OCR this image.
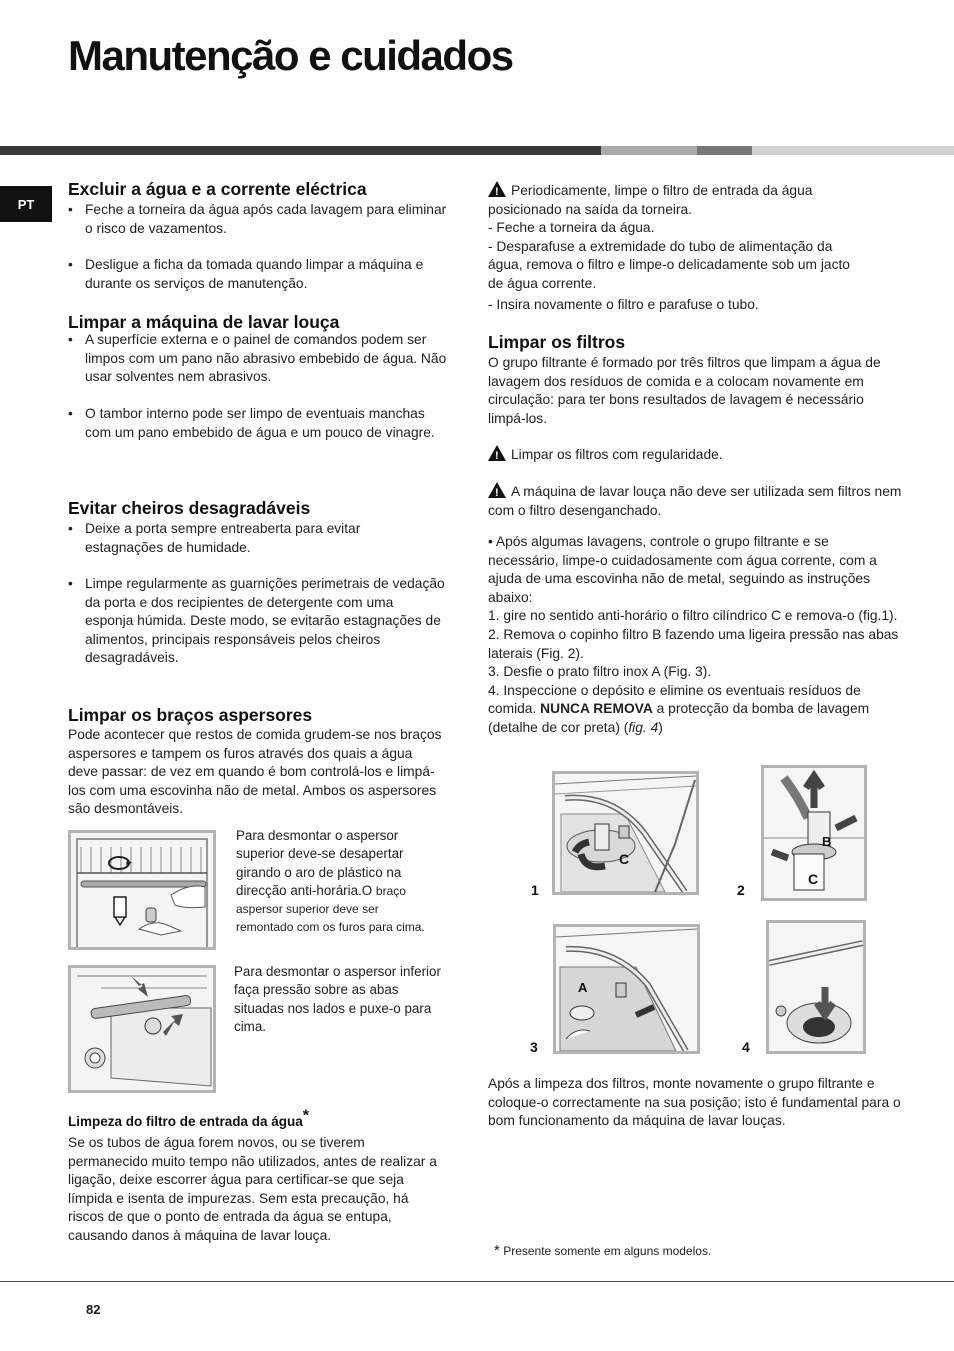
Manutenção e cuidados
PT
Excluir a água e a corrente eléctrica

• Feche a torneira da água após cada lavagem para eliminar o risco de vazamentos.

• Desligue a ficha da tomada quando limpar a máquina e durante os serviços de manutenção.

Limpar a máquina de lavar louça

• A superfície externa e o painel de comandos podem ser limpos com um pano não abrasivo embebido de água. Não usar solventes nem abrasivos.

• O tambor interno pode ser limpo de eventuais manchas com um pano embebido de água e um pouco de vinagre.

Evitar cheiros desagradáveis

• Deixe a porta sempre entreaberta para evitar estagnações de humidade.

• Limpe regularmente as guarnições perimetrais de vedação da porta e dos recipientes de detergente com uma esponja húmida. Deste modo, se evitarão estagnações de alimentos, principais responsáveis pelos cheiros desagradáveis.

Limpar os braços aspersores

Pode acontecer que restos de comida grudem-se nos braços aspersores e tampem os furos através dos quais a água deve passar: de vez em quando é bom controlá-los e limpá-los com uma escovinha não de metal. Ambos os aspersores são desmontáveis.

Para desmontar o aspersor superior deve-se desapertar girando o aro de plástico na direcção anti-horária.O braço aspersor superior deve ser remontado com os furos para cima.

Para desmontar o aspersor inferior faça pressão sobre as abas situadas nos lados e puxe-o para cima.

Limpeza do filtro de entrada da água*

Se os tubos de água forem novos, ou se tiverem permanecido muito tempo não utilizados, antes de realizar a ligação, deixe escorrer água para certificar-se que seja límpida e isenta de impurezas. Sem esta precaução, há riscos de que o ponto de entrada da água se entupa, causando danos à máquina de lavar louça.

!Periodicamente, limpe o filtro de entrada da água posicionado na saída da torneira.
- Feche a torneira da água.
- Desparafuse a extremidade do tubo de alimentação da água, remova o filtro e limpe-o delicadamente sob um jacto de água corrente.

- Insira novamente o filtro e parafuse o tubo.

Limpar os filtros

O grupo filtrante é formado por três filtros que limpam a água de lavagem dos resíduos de comida e a colocam novamente em circulação: para ter bons resultados de lavagem é necessário limpá-los.

!Limpar os filtros com regularidade.

!A máquina de lavar louça não deve ser utilizada sem filtros nem com o filtro desenganchado.

• Após algumas lavagens, controle o grupo filtrante e se necessário, limpe-o cuidadosamente com água corrente, com a ajuda de uma escovinha não de metal, seguindo as instruções abaixo:
1. gire no sentido anti-horário o filtro cilíndrico C e remova-o (fig.1).
2. Remova o copinho filtro B fazendo uma ligeira pressão nas abas laterais (Fig. 2).
3. Desfie o prato filtro inox A (Fig. 3).
4. Inspeccione o depósito e elimine os eventuais resíduos de comida. NUNCA REMOVA a protecção da bomba de lavagem (detalhe de cor preta) (fig. 4)

C
1
B
C
2
A
3	4

Após a limpeza dos filtros, monte novamente o grupo filtrante e coloque-o correctamente na sua posição; isto é fundamental para o bom funcionamento da máquina de lavar louças.

* Presente somente em alguns modelos.

82
